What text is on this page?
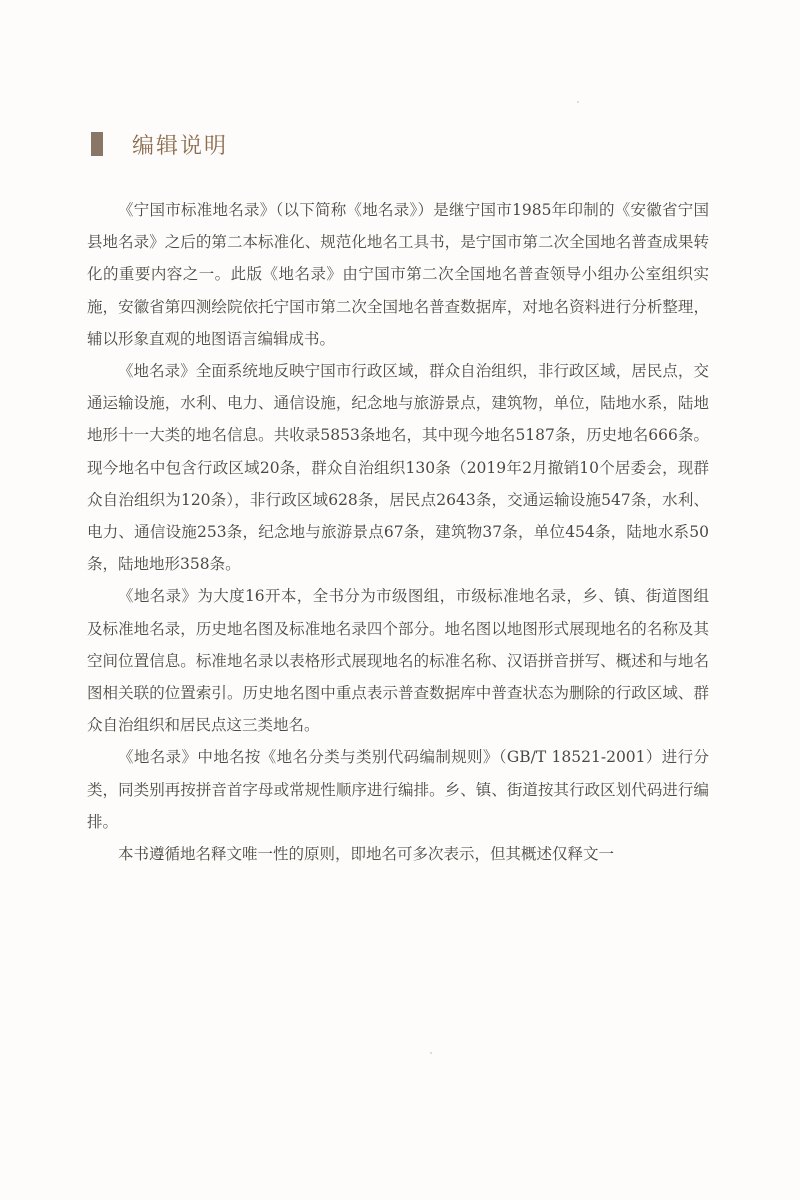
编辑说明

《宁国市标准地名录》（以下简称《地名录》）是继宁国市1985年印制的《安徽省宁国县地名录》之后的第二本标准化、规范化地名工具书，是宁国市第二次全国地名普查成果转化的重要内容之一。此版《地名录》由宁国市第二次全国地名普查领导小组办公室组织实施，安徽省第四测绘院依托宁国市第二次全国地名普查数据库，对地名资料进行分析整理，辅以形象直观的地图语言编辑成书。

《地名录》全面系统地反映宁国市行政区域，群众自治组织，非行政区域，居民点，交通运输设施，水利、电力、通信设施，纪念地与旅游景点，建筑物，单位，陆地水系，陆地地形十一大类的地名信息。共收录5853条地名，其中现今地名5187条，历史地名666条。现今地名中包含行政区域20条，群众自治组织130条（2019年2月撤销10个居委会，现群众自治组织为120条），非行政区域628条，居民点2643条，交通运输设施547条，水利、电力、通信设施253条，纪念地与旅游景点67条，建筑物37条，单位454条，陆地水系50条，陆地地形358条。

《地名录》为大度16开本，全书分为市级图组，市级标准地名录，乡、镇、街道图组及标准地名录，历史地名图及标准地名录四个部分。地名图以地图形式展现地名的名称及其空间位置信息。标准地名录以表格形式展现地名的标准名称、汉语拼音拼写、概述和与地名图相关联的位置索引。历史地名图中重点表示普查数据库中普查状态为删除的行政区域、群众自治组织和居民点这三类地名。

《地名录》中地名按《地名分类与类别代码编制规则》（GB/T 18521-2001）进行分类，同类别再按拼音首字母或常规性顺序进行编排。乡、镇、街道按其行政区划代码进行编排。

本书遵循地名释文唯一性的原则，即地名可多次表示，但其概述仅释文一
